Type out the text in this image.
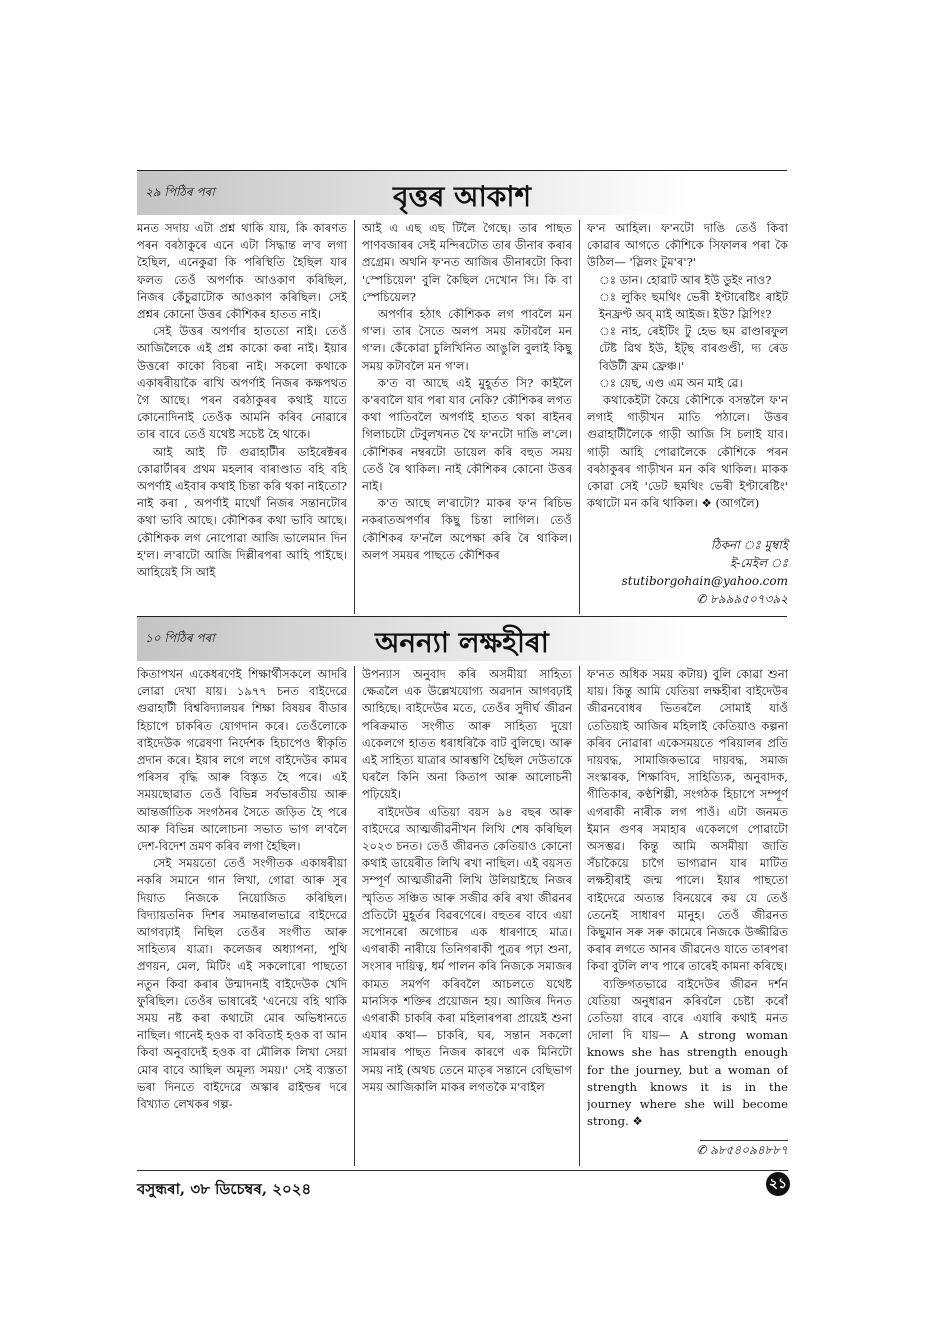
২৯ পিঠিৰ পৰা	বৃত্তৰ আকাশ

মনত সদায় এটা প্ৰশ্ন থাকি যায়, কি কাৰণত পৰন বৰঠাকুৰে এনে এটা সিদ্ধান্ত ল'ব লগা হৈছিল, এনেকুৱা কি পৰিস্থিতি হৈছিল যাৰ ফলত তেওঁ অপৰ্ণাক আওকাণ কৰিছিল, নিজৰ কেঁচুৱাটোক আওকাণ কৰিছিল। সেই প্ৰশ্নৰ কোনো উত্তৰ কৌশিকৰ হাতত নাই।

সেই উত্তৰ অপৰ্ণাৰ হাততো নাই। তেওঁ আজিলৈকে এই প্ৰশ্ন কাকো কৰা নাই। ইয়াৰ উত্তৰো কাকো বিচৰা নাই। সকলো কথাকে একাষৰীয়াকৈ ৰাখি অপৰ্ণাই নিজৰ কক্ষপথত গৈ আছে। পৰন বৰঠাকুৰৰ কথাই যাতে কোনোদিনাই তেওঁক আমনি কৰিব নোৱাৰে তাৰ বাবে তেওঁ যথেষ্ট সচেষ্ট হৈ থাকে।

আই আই টি গুৱাহাটীৰ ডাইৰেক্টৰৰ কোৱাৰ্টাৰৰ প্ৰথম মহলাৰ বাৰাণ্ডাত বহি বহি অপৰ্ণাই এইবাৰ কথাই চিন্তা কৰি থকা নাইতো? নাই কৰা , অপৰ্ণাই মাথোঁ নিজৰ সন্তানটোৰ কথা ভাবি আছে। কৌশিকৰ কথা ভাবি আছে। কৌশিকক লগ নোপোৱা আজি ভালেমান দিন হ'ল। ল'ৰাটো আজি দিল্লীৰপৰা আহি পাইছে। আহিয়েই সি আই

আই এ এছ এছ টিলৈ গৈছে। তাৰ পাছত পাণবজাৰৰ সেই মন্দিৰটোত তাৰ ডীনাৰ কৰাৰ প্ৰগ্ৰেম। অথনি ফ'নত আজিৰ ডীনাৰটো কিবা 'স্পেচিয়েল' বুলি কৈছিল দেখোন সি। কি বা স্পেচিয়েল?

অপৰ্ণাৰ হঠাৎ কৌশিকক লগ পাবলৈ মন গ'ল। তাৰ সৈতে অলপ সময় কটাবলৈ মন গ'ল। কেঁকোৱা চুলিখিনিত আঙুলি বুলাই কিছু সময় কটাবলৈ মন গ'ল।

ক'ত বা আছে এই মুহূৰ্তত সি? কাইলৈ ক'ৰবালৈ যাব পৰা যাব নেকি? কৌশিকৰ লগত কথা পাতিবলৈ অপৰ্ণাই হাতত থকা ৰাইনৰ গিলাচটো টেবুলখনত থৈ ফ'নটো দাঙি ল'লে। কৌশিকৰ নম্বৰটো ডায়েল কৰি বহুত সময় তেওঁ ৰৈ থাকিল। নাই কৌশিকৰ কোনো উত্তৰ নাই।

ক'ত আছে ল'ৰাটো? মাকৰ ফ'ন ৰিচিভ নকৰাতঅপৰ্ণাৰ কিছু চিন্তা লাগিল। তেওঁ কৌশিকৰ ফ'নলৈ অপেক্ষা কৰি ৰৈ থাকিল। অলপ সময়ৰ পাছতে কৌশিকৰ

ফ'ন আহিল। ফ'নটো দাঙি তেওঁ কিবা কোৱাৰ আগতে কৌশিকে সিফালৰ পৰা কৈ উঠিল— 'স্লিলং টুম'ৰ'?'

ঃ ডান। হোৱাট আৰ ইউ ডুইং নাও?

ঃ লুকিং ছমথিং ভেৰী ইণ্টাৰেষ্টিং ৰাইট ইনফ্ৰণ্ট অব্ মাই আইজ। ইউ? স্লিপিং?

ঃ নাহ, ৰেইটিং টু হেভ ছম ৱাণ্ডাৰফুল টেষ্ট ৱিথ ইউ, ইট্‌ছ বাৰগুণ্ডী, দ্য ৰেড বিউটী ফ্ৰম ফ্ৰেঞ্চ।'

ঃ য়েছ, এণ্ড এম অন মাই ৱে।

কথাকেইটা কৈয়ে কৌশিকে বসন্তলৈ ফ'ন লগাই গাড়ীখন মাতি পঠালে। উত্তৰ গুৱাহাটীলৈকে গাড়ী আজি সি চলাই যাব। গাড়ী আহি পোৱালৈকে কৌশিকে পৰন বৰঠাকুৰৰ গাড়ীখন মন কৰি থাকিল। মাকক কোৱা সেই 'ডেট ছমথিং ভেৰী ইণ্টাৰেষ্টিং' কথাটো মন কৰি থাকিল। ❖ (আগলৈ)

ঠিকনা ঃ মুম্বাই
ই-মেইল ঃ
stutiborgohain@yahoo.com
✆ ৮৯৯৯৫০৭৩৯২
১০ পিঠিৰ পৰা	অনন্যা লক্ষহীৰা

কিতাপখন একেধৰণেই শিক্ষাৰ্থীসকলে আদৰি লোৱা দেখা যায়। ১৯৭৭ চনত বাইদেৱে গুৱাহাটী বিশ্ববিদ্যালয়ৰ শিক্ষা বিষয়ৰ বীডাৰ হিচাপে চাকৰিত যোগদান কৰে। তেওঁলোকে বাইদেউক গৱেষণা নিৰ্দেশক হিচাপেও স্বীকৃতি প্ৰদান কৰে। ইয়াৰ লগে লগে বাইদেউৰ কামৰ পৰিসৰ বৃদ্ধি আৰু বিস্তৃত হৈ পৰে। এই সময়ছোৱাত তেওঁ বিভিন্ন সৰ্বভাৰতীয় আৰু আন্তৰ্জাতিক সংগঠনৰ সৈতে জড়িত হৈ পৰে আৰু বিভিন্ন আলোচনা সভাত ভাগ ল'বলৈ দেশ-বিদেশ ভ্ৰমণ কৰিব লগা হৈছিল।

সেই সময়তো তেওঁ সংগীতক একাষৰীয়া নকৰি সমানে গান লিখা, গোৱা আৰু সুৰ দিয়াত নিজকে নিয়োজিত কৰিছিল। বিদ্যায়তনিক দিশৰ সমান্তৰালভাৱে বাইদেৱে আগবঢ়াই নিছিল তেওঁৰ সংগীত আৰু সাহিত্যৰ যাত্ৰা। কলেজৰ অধ্যাপনা, পুথি প্ৰণয়ন, মেল, মিটিং এই সকলোৰো পাছতো নতুন কিবা কৰাৰ উন্মাদনাই বাইদেউক খেদি ফুৰিছিল। তেওঁৰ ভাষাৰেই 'এনেয়ে বহি থাকি সময় নষ্ট কৰা কথাটো মোৰ অভিধানতে নাছিল। গানেই হওক বা কবিতাই হওক বা আন কিবা অনুবাদেই হওক বা মৌলিক লিখা সেয়া মোৰ বাবে আছিল অমূল্য সময়।' সেই ব্যস্ততা ভৰা দিনতে বাইদেৱে অস্কাৰ ৱাইল্ডৰ দৰে বিখ্যাত লেখকৰ গল্প-

উপন্যাস অনুবাদ কৰি অসমীয়া সাহিত্য ক্ষেত্ৰলৈ এক উল্লেখযোগ্য অৱদান আগবঢ়াই আহিছে। বাইদেউৰ মতে, তেওঁৰ সুদীৰ্ঘ জীৱন পৰিক্ৰমাত সংগীত আৰু সাহিত্য দুয়ো একেলগে হাতত ধৰাধৰিকৈ বাট বুলিছে। আৰু এই সাহিত্য যাত্ৰাৰ আৰম্ভণি হৈছিল দেউতাকে ঘৰলৈ কিনি অনা কিতাপ আৰু আলোচনী পঢ়িয়েই।

বাইদেউৰ এতিয়া বয়স ৯৪ বছৰ আৰু বাইদেৱে আত্মজীৱনীখন লিখি শেষ কৰিছিল ২০২৩ চনত। তেওঁ জীৱনত কেতিয়াও কোনো কথাই ডায়েৰীত লিখি ৰখা নাছিল। এই বয়সত সম্পূৰ্ণ আত্মজীৱনী লিখি উলিয়াইছে নিজৰ স্মৃতিত সঞ্চিত আৰু সজীৱ কৰি ৰখা জীৱনৰ প্ৰতিটো মুহূৰ্তৰ বিৱৰণেৰে। বহুতৰ বাবে এয়া সপোনৰো অগোচৰ এক ধাৰণাহে মাত্ৰ। এগৰাকী নাৰীয়ে তিনিগৰাকী পুত্ৰৰ পঢ়া শুনা, সংসাৰ দায়িত্ব, ধৰ্ম পালন কৰি নিজকে সমাজৰ কামত সমৰ্পণ কৰিবলৈ আচলতে যথেষ্ট মানসিক শক্তিৰ প্ৰয়োজন হয়। আজিৰ দিনত এগৰাকী চাকৰি কৰা মহিলাৰপৰা প্ৰায়েই শুনা এযাৰ কথা— চাকৰি, ঘৰ, সন্তান সকলো সামৰাৰ পাছত নিজৰ কাৰণে এক মিনিটো সময় নাই (অথচ তেনে মাতৃৰ সন্তানে বেছিভাগ সময় আজিকালি মাকৰ লগতকৈ ম'বাইল

ফ'নত অধিক সময় কটায়) বুলি কোৱা শুনা যায়। কিন্তু আমি যেতিয়া লক্ষহীৰা বাইদেউৰ জীৱনবোধৰ ভিতৰলৈ সোমাই যাওঁ তেতিয়াই আজিৰ মহিলাই কেতিয়াও কল্পনা কৰিব নোৱাৰা একেসময়তে পৰিয়ালৰ প্ৰতি দায়বদ্ধ, সামাজিকভাৱে দায়বদ্ধ, সমাজ সংস্কাৰক, শিক্ষাবিদ, সাহিত্যিক, অনুবাদক, গীতিকাৰ, কণ্ঠশিল্পী, সংগঠক হিচাপে সম্পূৰ্ণ এগৰাকী নাৰীক লগ পাওঁ। এটা জনমত ইমান গুণৰ সমাহাৰ একেলগে পোৱাটো অসম্ভৱ। কিন্তু আমি অসমীয়া জাতি সঁচাকৈয়ে চাগৈ ভাগ্যৱান যাৰ মাটিত লক্ষহীৰাই জন্ম পালে। ইয়াৰ পাছতো বাইদেৱে অত্যন্ত বিনয়েৰে কয় যে তেওঁ তেনেই সাধাৰণ মানুহ। তেওঁ জীৱনত কিছুমান সৰু সৰু কামেৰে নিজকে উজ্জীৱিত কৰাৰ লগতে আনৰ জীৱনেও যাতে তাৰপৰা কিবা বুটলি ল'ব পাৰে তাৰেই কামনা কৰিছে।

ব্যক্তিগতভাৱে বাইদেউৰ জীৱন দৰ্শন যেতিয়া অনুধাৱন কৰিবলৈ চেষ্টা কৰোঁ তেতিয়া বাৰে বাৰে এযাৰি কথাই মনত দোলা দি যায়— A strong woman knows she has strength enough for the journey, but a woman of strength knows it is in the journey where she will become strong. ❖

✆ ৯৮৫৪০৯৪৮৮৭
বসুন্ধৰা, ৩৮ ডিচেম্বৰ, ২০২৪	২১
